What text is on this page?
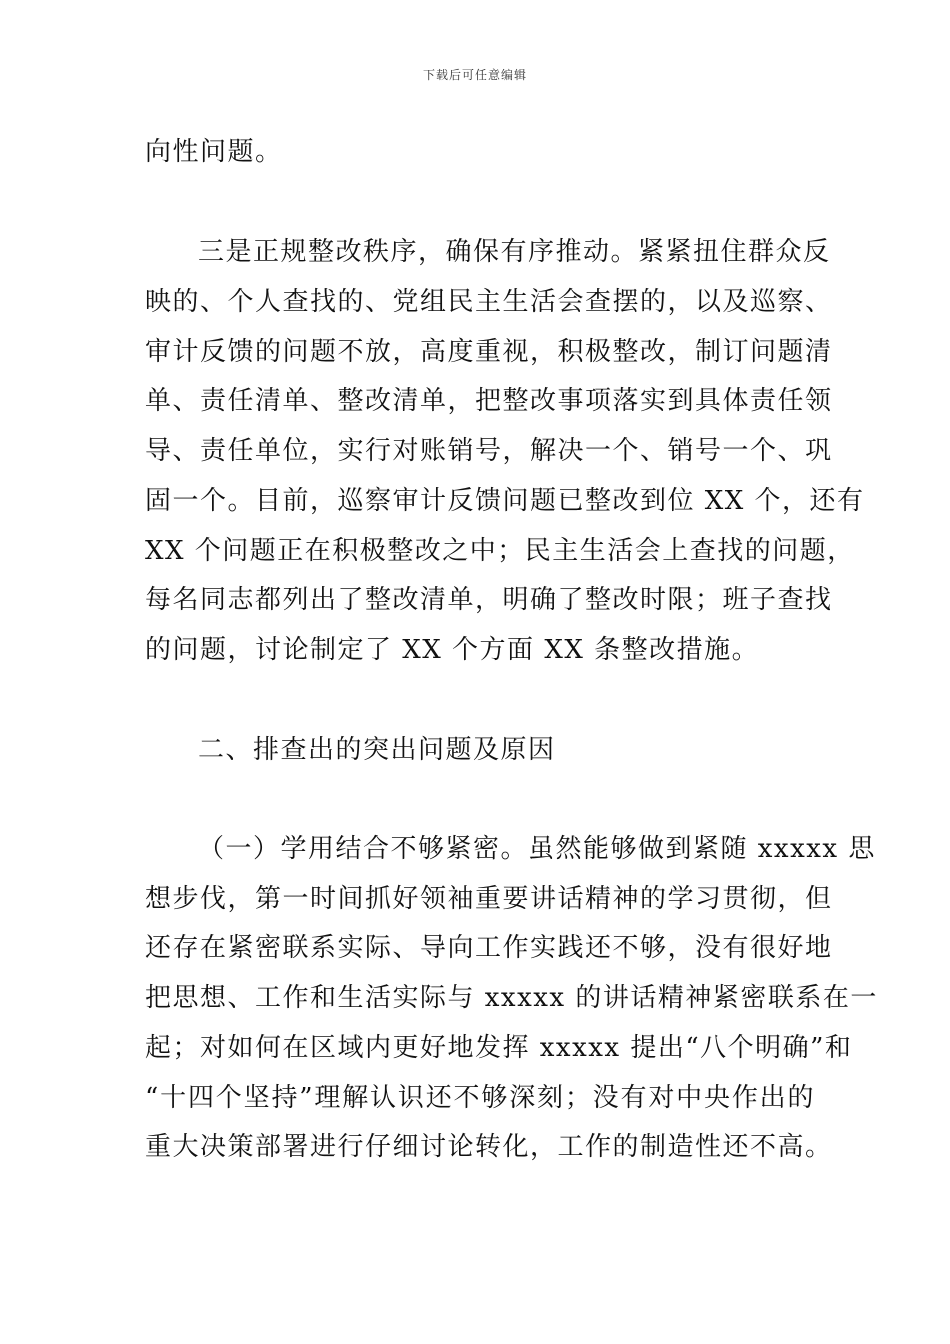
下载后可任意编辑
向性问题。
三是正规整改秩序，确保有序推动。紧紧扭住群众反
映的、个人查找的、党组民主生活会查摆的，以及巡察、
审计反馈的问题不放，高度重视，积极整改，制订问题清
单、责任清单、整改清单，把整改事项落实到具体责任领
导、责任单位，实行对账销号，解决一个、销号一个、巩
固一个。目前，巡察审计反馈问题已整改到位 XX 个，还有
XX 个问题正在积极整改之中；民主生活会上查找的问题，
每名同志都列出了整改清单，明确了整改时限；班子查找
的问题，讨论制定了 XX 个方面 XX 条整改措施。
二、排查出的突出问题及原因
（一）学用结合不够紧密。虽然能够做到紧随 xxxxx 思
想步伐，第一时间抓好领袖重要讲话精神的学习贯彻，但
还存在紧密联系实际、导向工作实践还不够，没有很好地
把思想、工作和生活实际与 xxxxx 的讲话精神紧密联系在一
起；对如何在区域内更好地发挥 xxxxx 提出“八个明确”和
“十四个坚持”理解认识还不够深刻；没有对中央作出的
重大决策部署进行仔细讨论转化，工作的制造性还不高。
